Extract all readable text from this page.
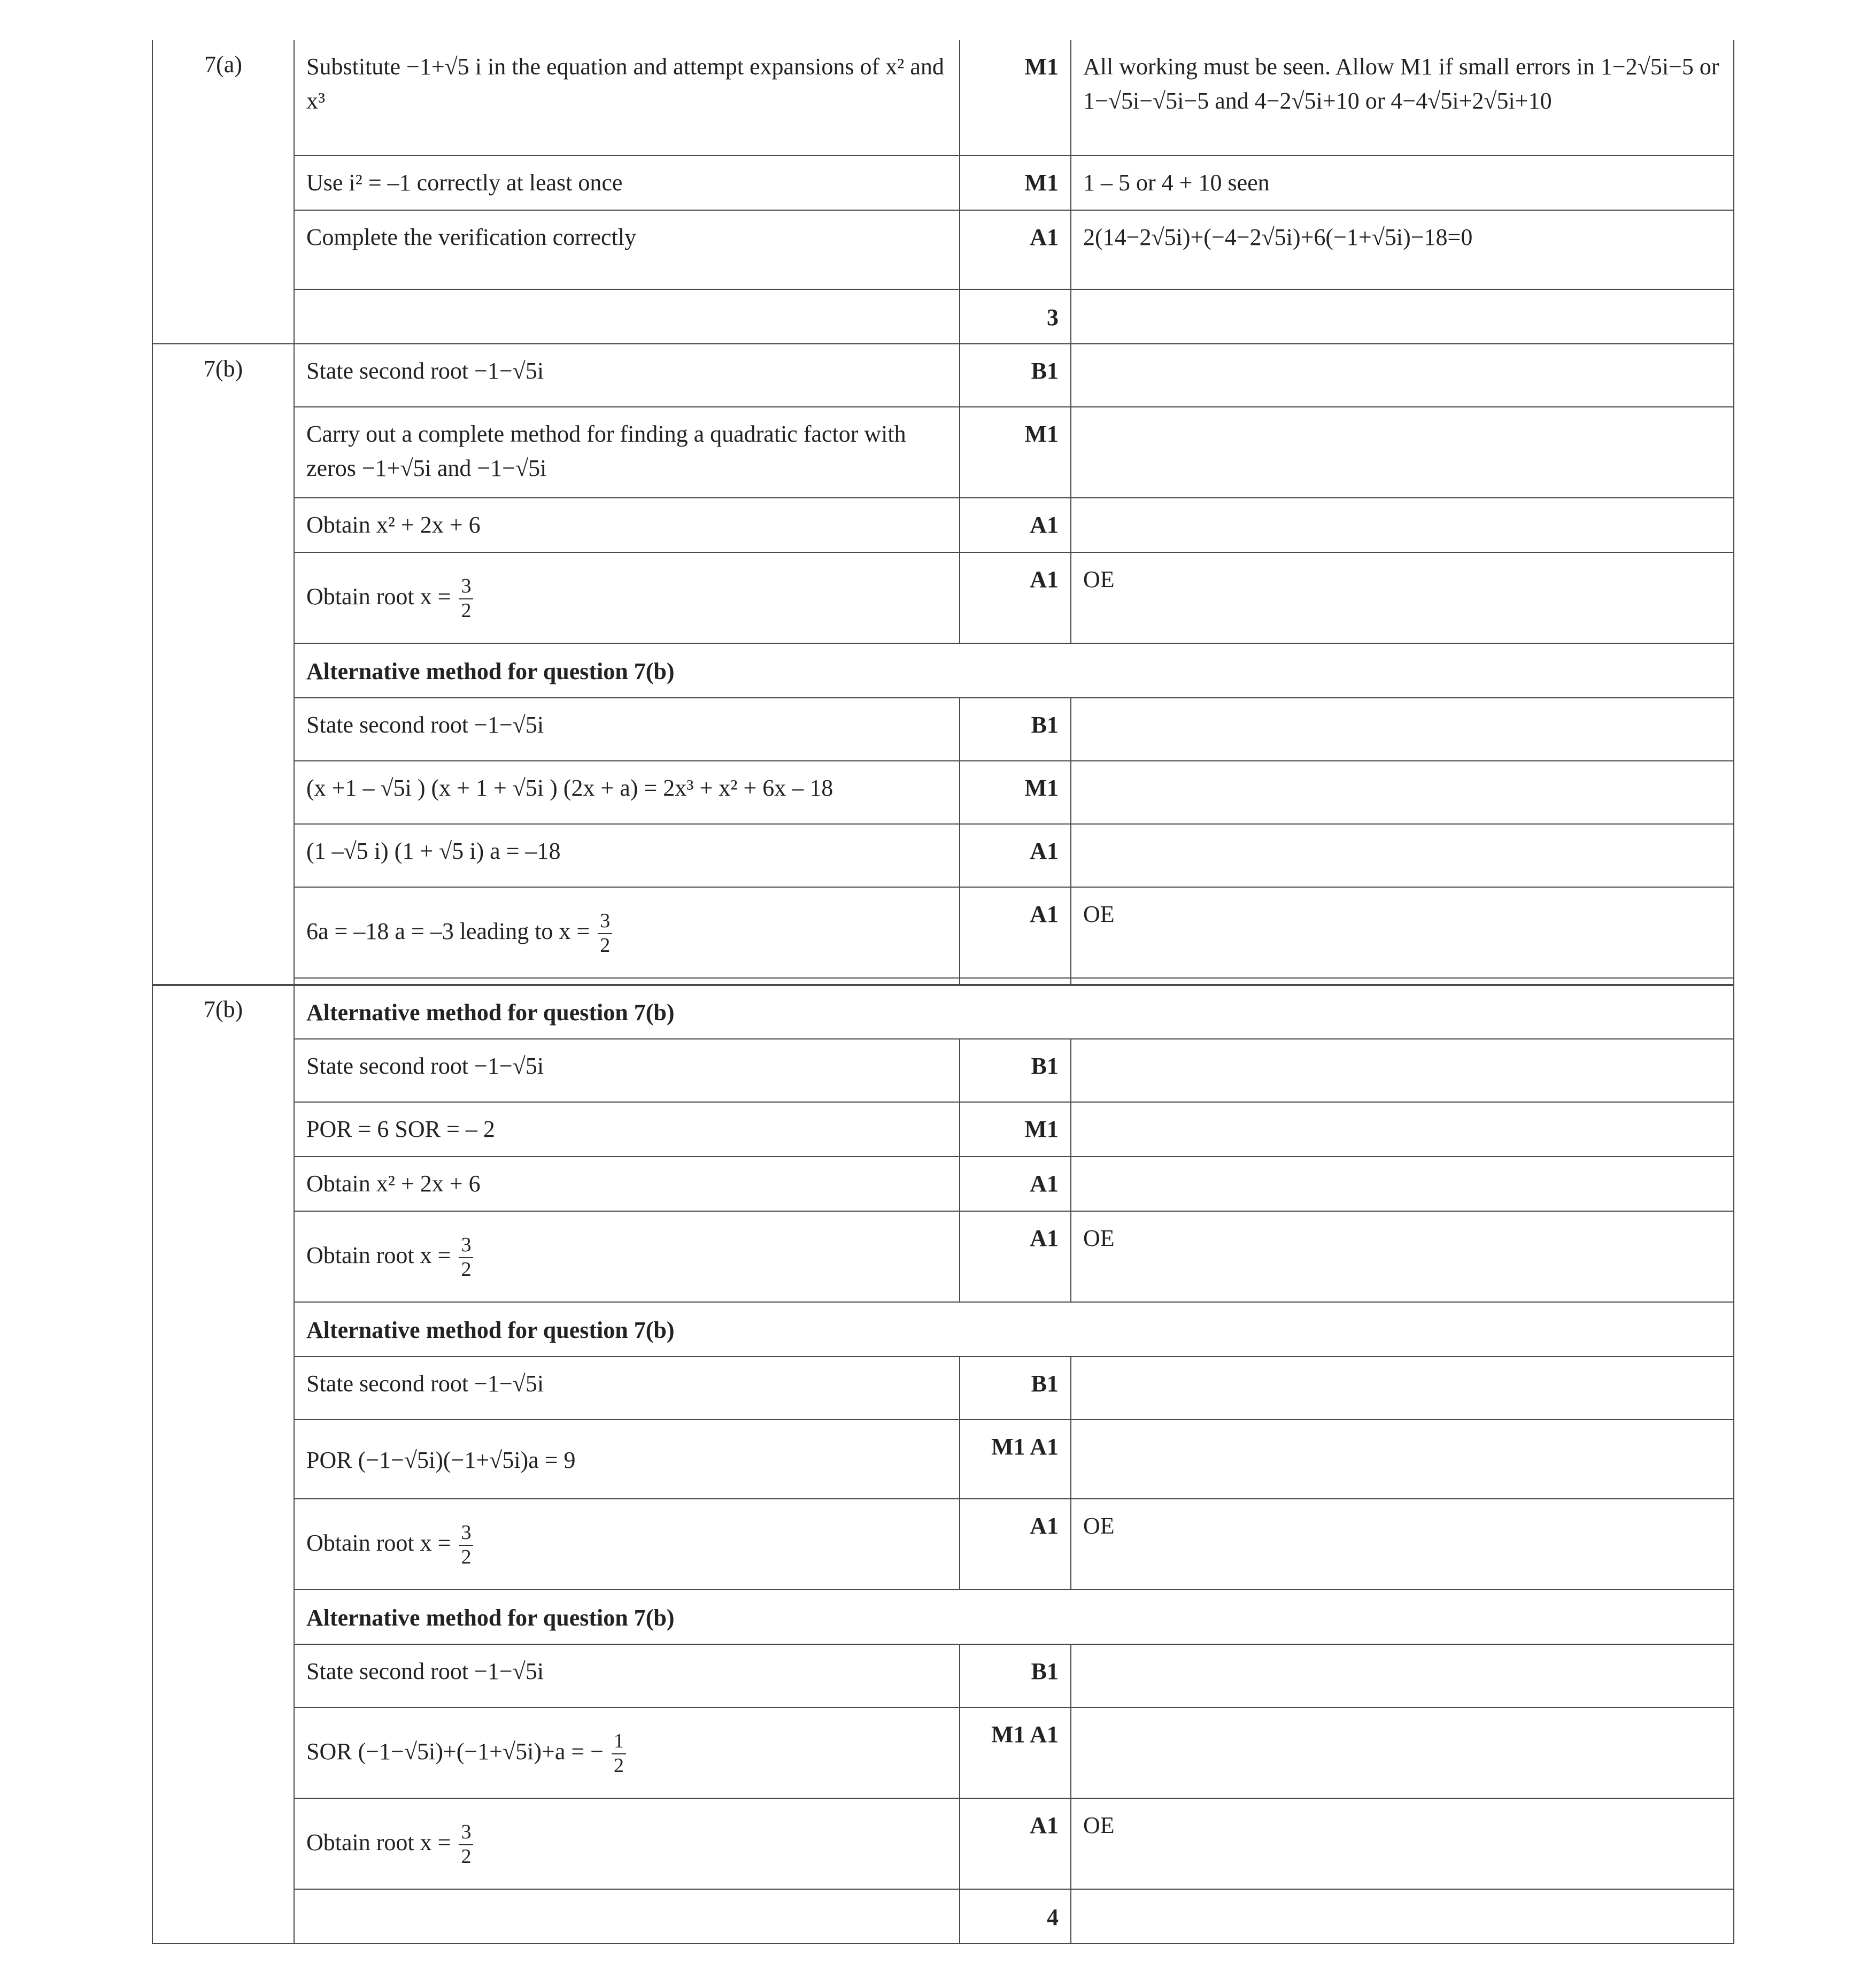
	7(a)	Substitute −1+√5 i in the equation and attempt expansions of x² and x³	M1	All working must be seen. Allow M1 if small errors in 1−2√5i−5 or 1−√5i−√5i−5 and 4−2√5i+10 or 4−4√5i+2√5i+10	
		Use i² = –1 correctly at least once	M1	1 – 5 or 4 + 10 seen	
		Complete the verification correctly	A1	2(14−2√5i)+(−4−2√5i)+6(−1+√5i)−18=0	
			3		
	7(b)	State second root −1−√5i	B1		
		Carry out a complete method for finding a quadratic factor with zeros −1+√5i and −1−√5i	M1		
		Obtain x² + 2x + 6	A1		
		Obtain root $x = \frac{3}{2}$	A1	OE	
		Alternative method for question 7(b)			
		State second root −1−√5i	B1		
		(x +1 – √5i ) (x + 1 + √5i ) (2x + a) = 2x³ + x² + 6x – 18	M1		
		(1 –√5 i) (1 + √5 i) a = –18	A1		
		6a = –18 a = –3 leading to $x = \frac{3}{2}$	A1	OE	

	7(b)	Alternative method for question 7(b)			
		State second root −1−√5i	B1		
		POR = 6 SOR = – 2	M1		
		Obtain x² + 2x + 6	A1		
		Obtain root $x = \frac{3}{2}$	A1	OE	
		Alternative method for question 7(b)			
		State second root −1−√5i	B1		
		POR (−1−√5i)(−1+√5i)a = 9	M1 A1		
		Obtain root $x = \frac{3}{2}$	A1	OE	
		Alternative method for question 7(b)			
		State second root −1−√5i	B1		
		SOR (−1−√5i)+(−1+√5i)+a = − $\frac{1}{2}$	M1 A1		
		Obtain root $x = \frac{3}{2}$	A1	OE	
			4		
